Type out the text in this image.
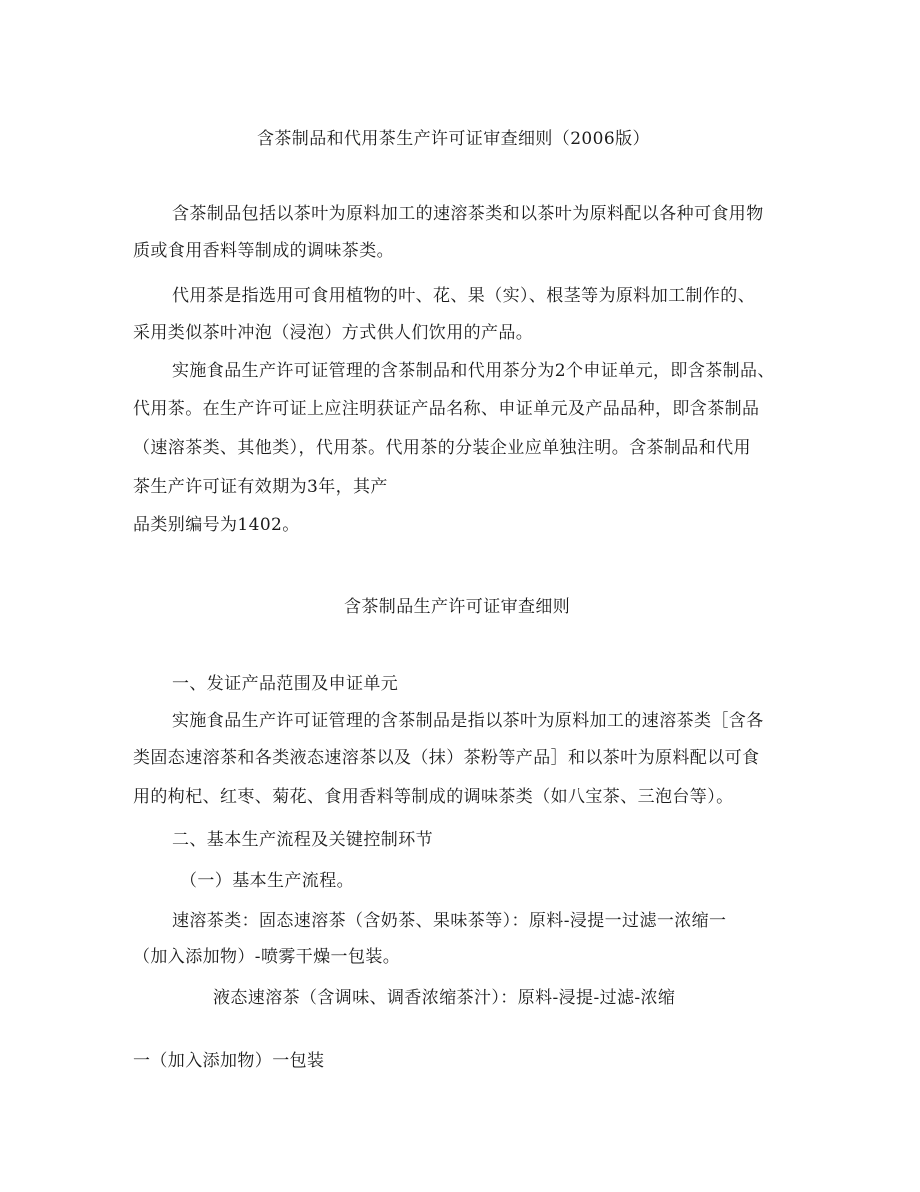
含茶制品和代用茶生产许可证审查细则（2006版）
含茶制品包括以茶叶为原料加工的速溶茶类和以茶叶为原料配以各种可食用物
质或食用香料等制成的调味茶类。
代用茶是指选用可食用植物的叶、花、果（实）、根茎等为原料加工制作的、
采用类似茶叶冲泡（浸泡）方式供人们饮用的产品。
实施食品生产许可证管理的含茶制品和代用茶分为2个申证单元，即含茶制品、
代用茶。在生产许可证上应注明获证产品名称、申证单元及产品品种，即含茶制品
（速溶茶类、其他类），代用茶。代用茶的分装企业应单独注明。含茶制品和代用
茶生产许可证有效期为3年，其产
品类别编号为1402。
含茶制品生产许可证审查细则
一、发证产品范围及申证单元
实施食品生产许可证管理的含茶制品是指以茶叶为原料加工的速溶茶类［含各
类固态速溶茶和各类液态速溶茶以及（抹）茶粉等产品］和以茶叶为原料配以可食
用的枸杞、红枣、菊花、食用香料等制成的调味茶类（如八宝茶、三泡台等）。
二、基本生产流程及关键控制环节
（一）基本生产流程。
速溶茶类：固态速溶茶（含奶茶、果味茶等）：原料-浸提一过滤一浓缩一
（加入添加物）-喷雾干燥一包装。
液态速溶茶（含调味、调香浓缩茶汁）：原料-浸提-过滤-浓缩
一（加入添加物）一包装
